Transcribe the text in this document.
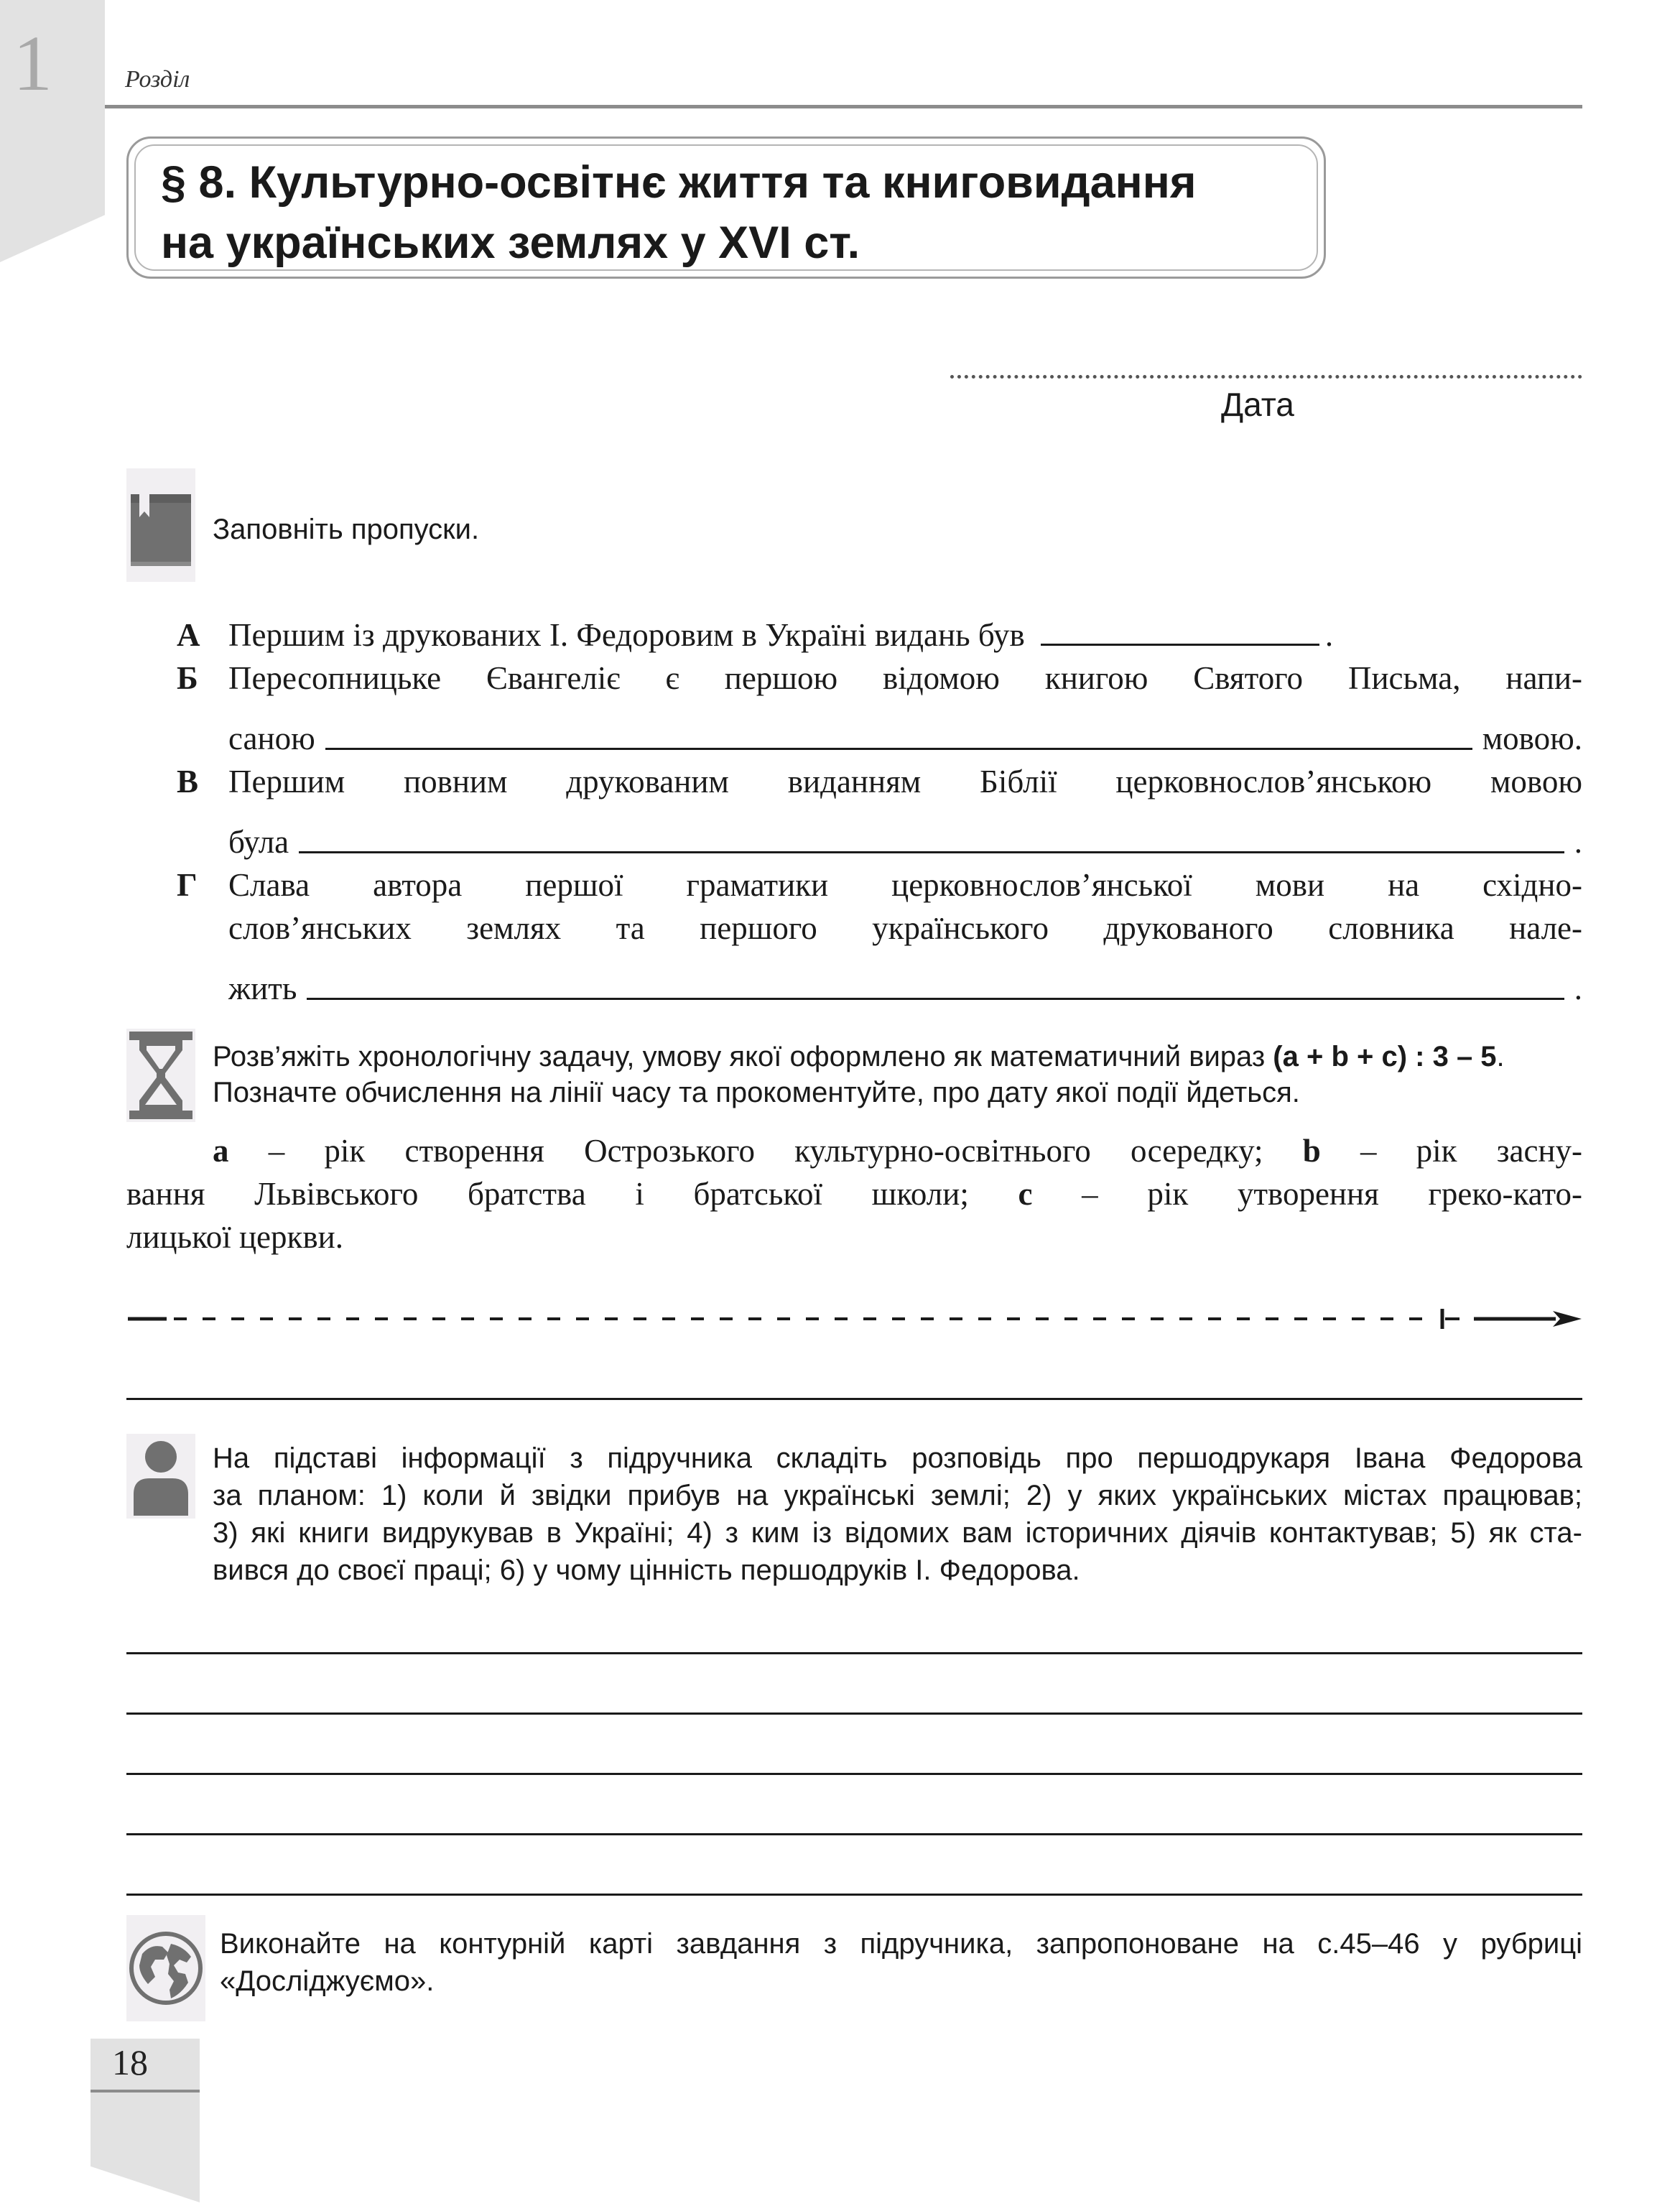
1	Розділ
§ 8. Культурно-освітнє життя та книговидання
на українських землях у XVI ст.
Дата
Заповніть пропуски.
А Першим із друкованих І. Федоровим в Україні видань був	.
Б Пересопницьке Євангеліє є першою відомою книгою Святого Письма, напи-
саною	мовою.
В Першим повним друкованим виданням Біблії церковнослов’янською мовою
була	.
Г Слава автора першої граматики церковнослов’янської мови на східно-
слов’янських землях та першого українського друкованого словника нале-
жить	.
Розв’яжіть хронологічну задачу, умову якої оформлено як математичний вираз (a + b + c) : 3 – 5.
Позначте обчислення на лінії часу та прокоментуйте, про дату якої події йдеться.
a – рік створення Острозького культурно-освітнього осередку; b – рік засну-
вання Львівського братства і братської школи; c – рік утворення греко-като-
лицької церкви.
На підставі інформації з підручника складіть розповідь про першодрукаря Івана Федорова
за планом: 1) коли й звідки прибув на українські землі; 2) у яких українських містах працював;
3) які книги видрукував в Україні; 4) з ким із відомих вам історичних діячів контактував; 5) як ста-
вився до своєї праці; 6) у чому цінність першодруків І. Федорова.
Виконайте на контурній карті завдання з підручника, запропоноване на с.45–46 у рубриці
«Досліджуємо».
18
